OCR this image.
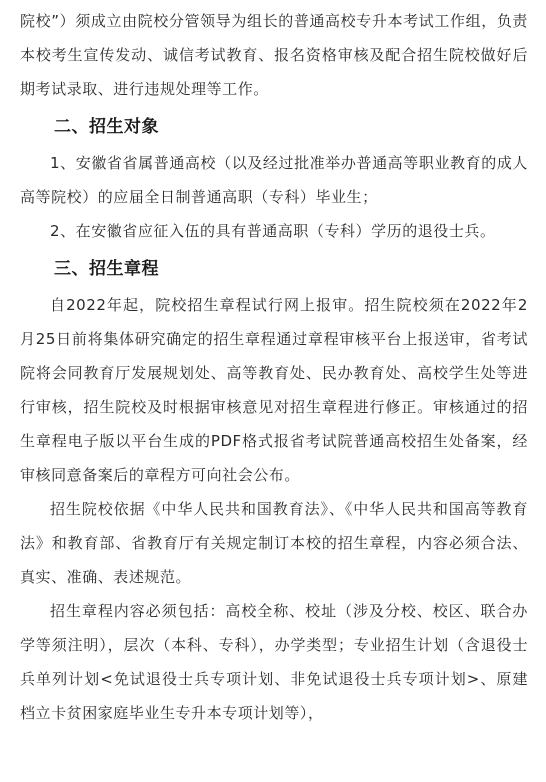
院校”）须成立由院校分管领导为组长的普通高校专升本考试工作组，负责本校考生宣传发动、诚信考试教育、报名资格审核及配合招生院校做好后期考试录取、进行违规处理等工作。

二、招生对象

1、安徽省省属普通高校（以及经过批准举办普通高等职业教育的成人高等院校）的应届全日制普通高职（专科）毕业生；

2、在安徽省应征入伍的具有普通高职（专科）学历的退役士兵。

三、招生章程

自2022年起，院校招生章程试行网上报审。招生院校须在2022年2月25日前将集体研究确定的招生章程通过章程审核平台上报送审，省考试院将会同教育厅发展规划处、高等教育处、民办教育处、高校学生处等进行审核，招生院校及时根据审核意见对招生章程进行修正。审核通过的招生章程电子版以平台生成的PDF格式报省考试院普通高校招生处备案，经审核同意备案后的章程方可向社会公布。

招生院校依据《中华人民共和国教育法》、《中华人民共和国高等教育法》和教育部、省教育厅有关规定制订本校的招生章程，内容必须合法、真实、准确、表述规范。

招生章程内容必须包括：高校全称、校址（涉及分校、校区、联合办学等须注明），层次（本科、专科），办学类型；专业招生计划（含退役士兵单列计划<免试退役士兵专项计划、非免试退役士兵专项计划>、原建档立卡贫困家庭毕业生专升本专项计划等），
